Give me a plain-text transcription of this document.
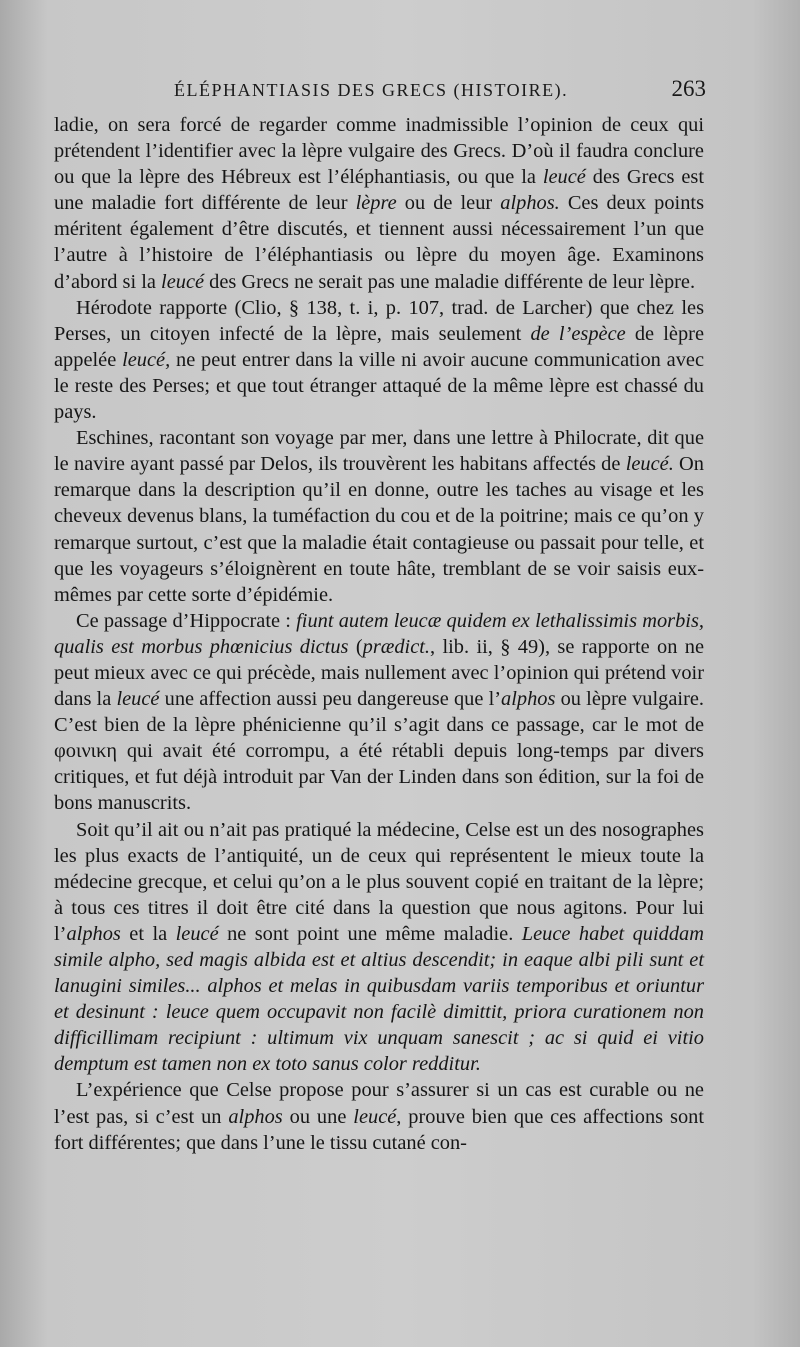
ÉLÉPHANTIASIS DES GRECS (HISTOIRE).	263

ladie, on sera forcé de regarder comme inadmissible l’opinion de ceux qui prétendent l’identifier avec la lèpre vulgaire des Grecs. D’où il faudra conclure ou que la lèpre des Hébreux est l’éléphantiasis, ou que la leucé des Grecs est une maladie fort différente de leur lèpre ou de leur alphos. Ces deux points méritent également d’être discutés, et tiennent aussi nécessairement l’un que l’autre à l’histoire de l’éléphantiasis ou lèpre du moyen âge. Examinons d’abord si la leucé des Grecs ne serait pas une maladie différente de leur lèpre.

Hérodote rapporte (Clio, § 138, t. i, p. 107, trad. de Larcher) que chez les Perses, un citoyen infecté de la lèpre, mais seulement de l’espèce de lèpre appelée leucé, ne peut entrer dans la ville ni avoir aucune communication avec le reste des Perses; et que tout étranger attaqué de la même lèpre est chassé du pays.

Eschines, racontant son voyage par mer, dans une lettre à Philocrate, dit que le navire ayant passé par Delos, ils trouvèrent les habitans affectés de leucé. On remarque dans la description qu’il en donne, outre les taches au visage et les cheveux devenus blans, la tuméfaction du cou et de la poitrine; mais ce qu’on y remarque surtout, c’est que la maladie était contagieuse ou passait pour telle, et que les voyageurs s’éloignèrent en toute hâte, tremblant de se voir saisis eux-mêmes par cette sorte d’épidémie.

Ce passage d’Hippocrate : fiunt autem leucæ quidem ex lethalissimis morbis, qualis est morbus phœnicius dictus (prædict., lib. ii, § 49), se rapporte on ne peut mieux avec ce qui précède, mais nullement avec l’opinion qui prétend voir dans la leucé une affection aussi peu dangereuse que l’alphos ou lèpre vulgaire. C’est bien de la lèpre phénicienne qu’il s’agit dans ce passage, car le mot de φοινικη qui avait été corrompu, a été rétabli depuis long-temps par divers critiques, et fut déjà introduit par Van der Linden dans son édition, sur la foi de bons manuscrits.

Soit qu’il ait ou n’ait pas pratiqué la médecine, Celse est un des nosographes les plus exacts de l’antiquité, un de ceux qui représentent le mieux toute la médecine grecque, et celui qu’on a le plus souvent copié en traitant de la lèpre; à tous ces titres il doit être cité dans la question que nous agitons. Pour lui l’alphos et la leucé ne sont point une même maladie. Leuce habet quiddam simile alpho, sed magis albida est et altius descendit; in eaque albi pili sunt et lanugini similes... alphos et melas in quibusdam variis temporibus et oriuntur et desinunt : leuce quem occupavit non facilè dimittit, priora curationem non difficillimam recipiunt : ultimum vix unquam sanescit ; ac si quid ei vitio demptum est tamen non ex toto sanus color redditur.

L’expérience que Celse propose pour s’assurer si un cas est curable ou ne l’est pas, si c’est un alphos ou une leucé, prouve bien que ces affections sont fort différentes; que dans l’une le tissu cutané con-
